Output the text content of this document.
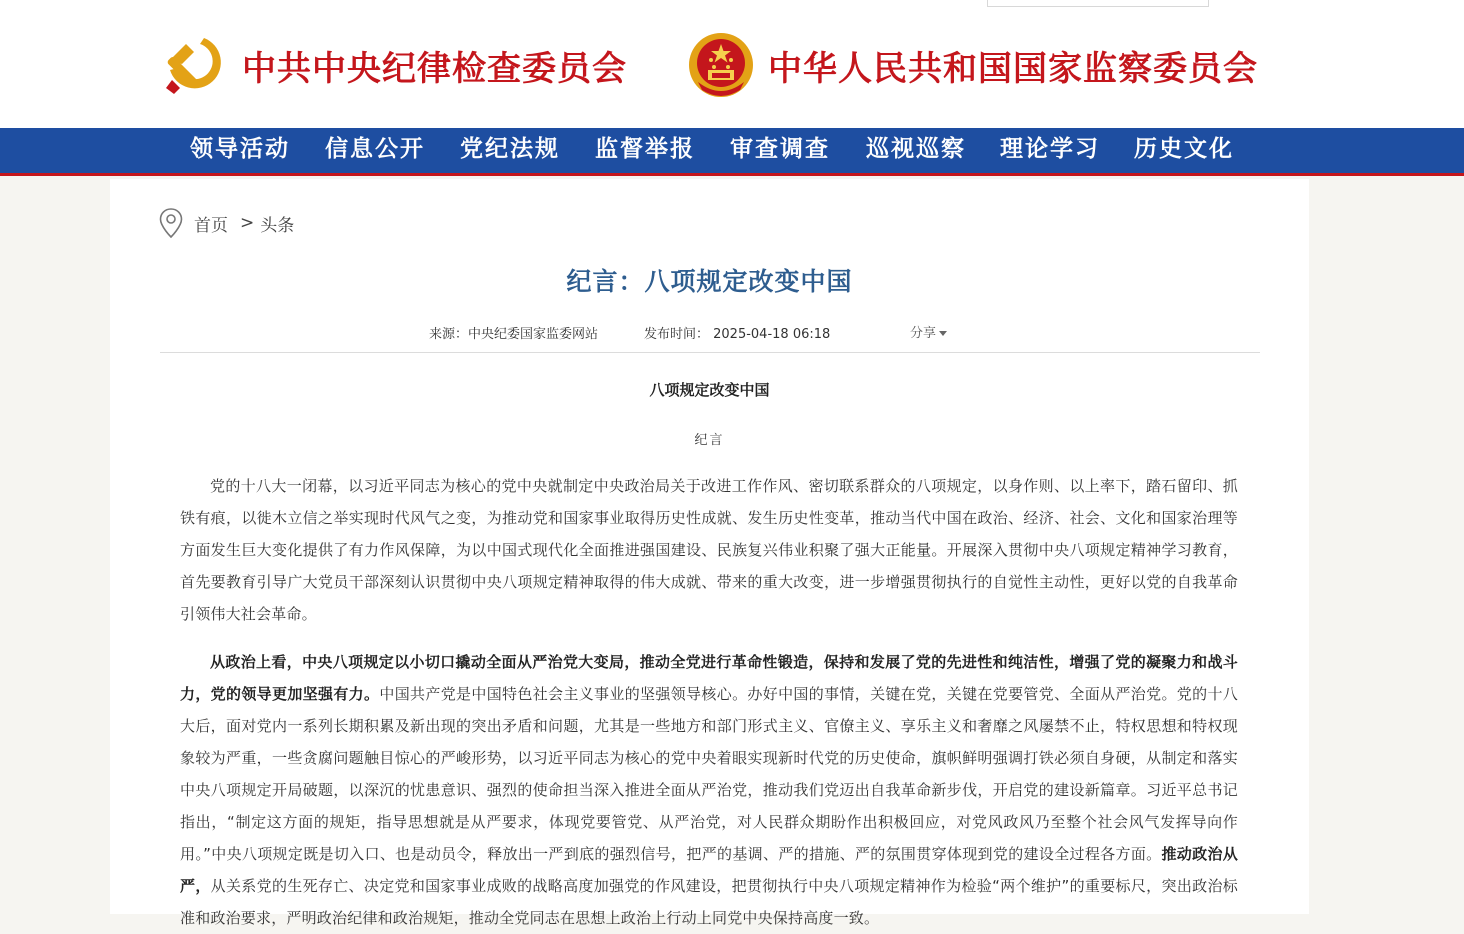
中共中央纪律检查委员会	中华人民共和国国家监察委员会
领导活动 信息公开 党纪法规 监督举报 审查调查 巡视巡察 理论学习 历史文化
首页 > 头条
纪言：八项规定改变中国
来源：中央纪委国家监委网站	发布时间： 2025-04-18 06:18	分享
八项规定改变中国
纪言

党的十八大一闭幕，以习近平同志为核心的党中央就制定中央政治局关于改进工作作风、密切联系群众的八项规定，以身作则、以上率下，踏石留印、抓铁有痕，以徙木立信之举实现时代风气之变，为推动党和国家事业取得历史性成就、发生历史性变革，推动当代中国在政治、经济、社会、文化和国家治理等方面发生巨大变化提供了有力作风保障，为以中国式现代化全面推进强国建设、民族复兴伟业积聚了强大正能量。开展深入贯彻中央八项规定精神学习教育，首先要教育引导广大党员干部深刻认识贯彻中央八项规定精神取得的伟大成就、带来的重大改变，进一步增强贯彻执行的自觉性主动性，更好以党的自我革命引领伟大社会革命。

从政治上看，中央八项规定以小切口撬动全面从严治党大变局，推动全党进行革命性锻造，保持和发展了党的先进性和纯洁性，增强了党的凝聚力和战斗力，党的领导更加坚强有力。中国共产党是中国特色社会主义事业的坚强领导核心。办好中国的事情，关键在党，关键在党要管党、全面从严治党。党的十八大后，面对党内一系列长期积累及新出现的突出矛盾和问题，尤其是一些地方和部门形式主义、官僚主义、享乐主义和奢靡之风屡禁不止，特权思想和特权现象较为严重，一些贪腐问题触目惊心的严峻形势，以习近平同志为核心的党中央着眼实现新时代党的历史使命，旗帜鲜明强调打铁必须自身硬，从制定和落实中央八项规定开局破题，以深沉的忧患意识、强烈的使命担当深入推进全面从严治党，推动我们党迈出自我革命新步伐，开启党的建设新篇章。习近平总书记指出，“制定这方面的规矩，指导思想就是从严要求，体现党要管党、从严治党，对人民群众期盼作出积极回应，对党风政风乃至整个社会风气发挥导向作用。”中央八项规定既是切入口、也是动员令，释放出一严到底的强烈信号，把严的基调、严的措施、严的氛围贯穿体现到党的建设全过程各方面。推动政治从严，从关系党的生死存亡、决定党和国家事业成败的战略高度加强党的作风建设，把贯彻执行中央八项规定精神作为检验“两个维护”的重要标尺，突出政治标准和政治要求，严明政治纪律和政治规矩，推动全党同志在思想上政治上行动上同党中央保持高度一致。
